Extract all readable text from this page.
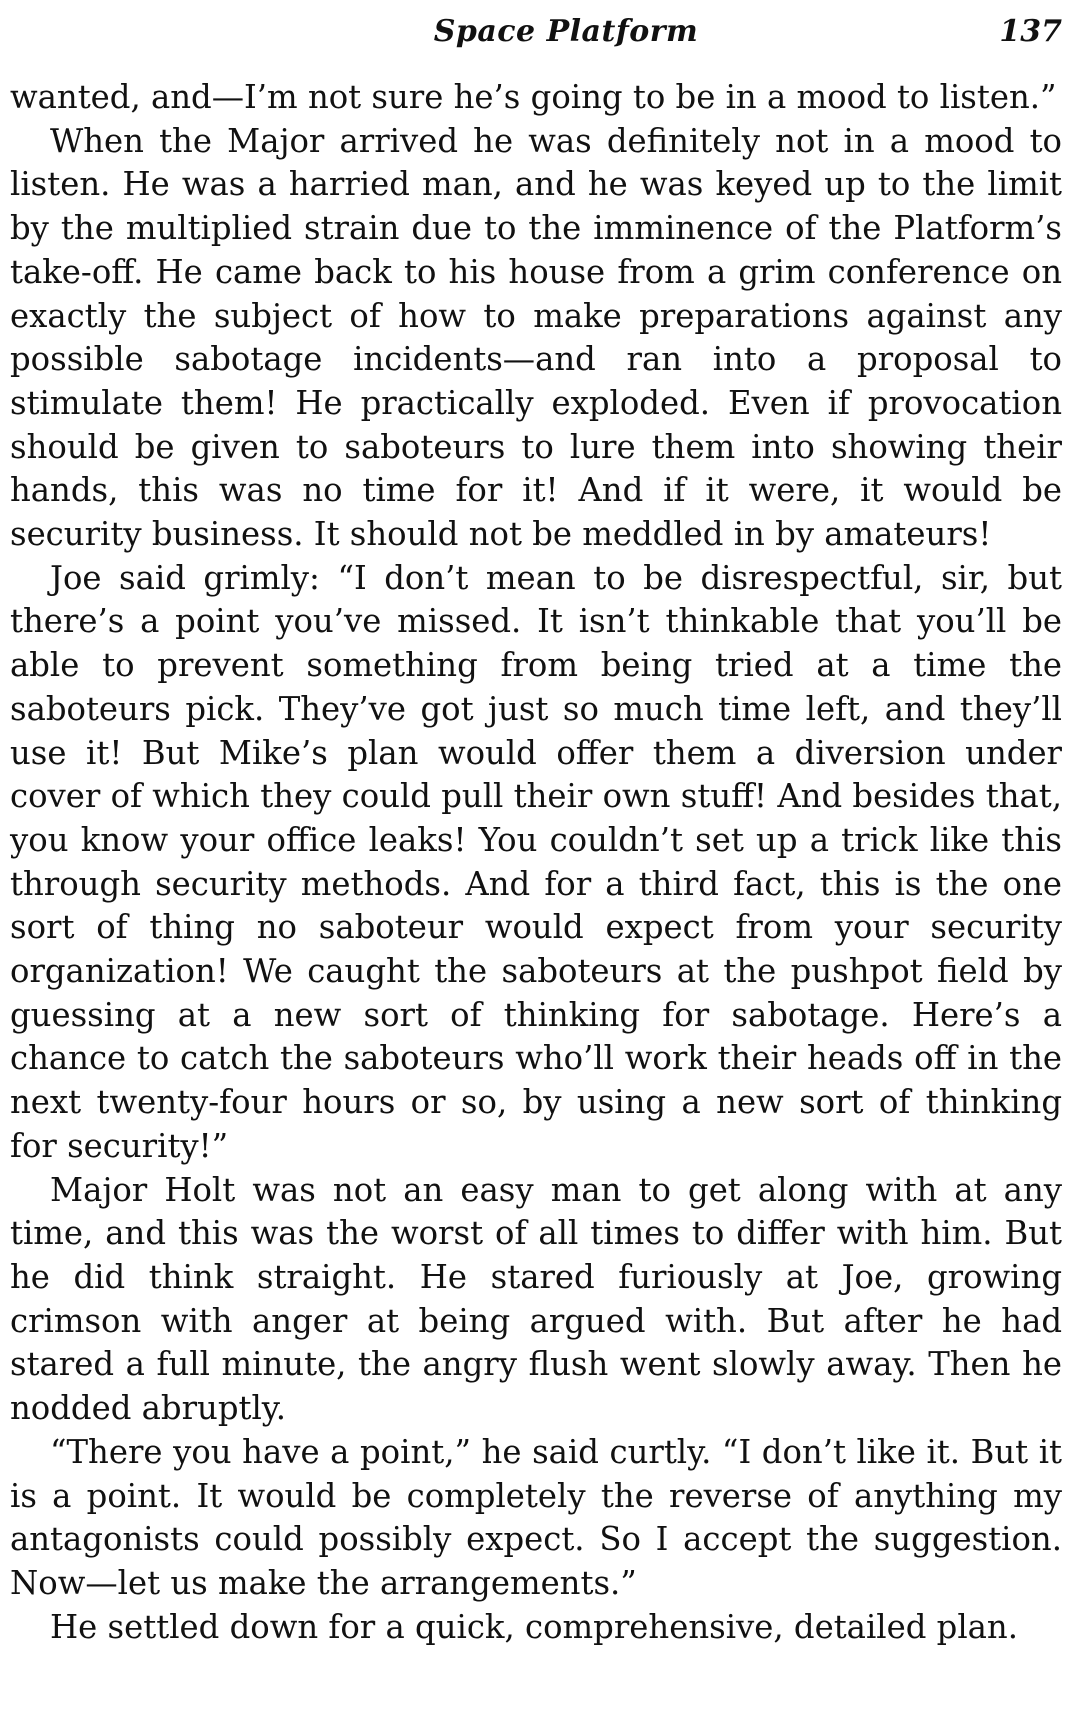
Space Platform	137

wanted, and—I’m not sure he’s going to be in a mood to listen.”

When the Major arrived he was definitely not in a mood to listen. He was a harried man, and he was keyed up to the limit by the multiplied strain due to the imminence of the Platform’s take-off. He came back to his house from a grim conference on exactly the subject of how to make preparations against any possible sabotage incidents—and ran into a proposal to stimulate them! He practically exploded. Even if provocation should be given to saboteurs to lure them into showing their hands, this was no time for it! And if it were, it would be security business. It should not be meddled in by amateurs!

Joe said grimly: “I don’t mean to be disrespectful, sir, but there’s a point you’ve missed. It isn’t thinkable that you’ll be able to prevent something from being tried at a time the saboteurs pick. They’ve got just so much time left, and they’ll use it! But Mike’s plan would offer them a diversion under cover of which they could pull their own stuff! And besides that, you know your office leaks! You couldn’t set up a trick like this through security methods. And for a third fact, this is the one sort of thing no saboteur would expect from your security organization! We caught the saboteurs at the pushpot field by guessing at a new sort of thinking for sabotage. Here’s a chance to catch the saboteurs who’ll work their heads off in the next twenty-four hours or so, by using a new sort of thinking for security!”

Major Holt was not an easy man to get along with at any time, and this was the worst of all times to differ with him. But he did think straight. He stared furiously at Joe, growing crimson with anger at being argued with. But after he had stared a full minute, the angry flush went slowly away. Then he nodded abruptly.

“There you have a point,” he said curtly. “I don’t like it. But it is a point. It would be completely the reverse of anything my antagonists could possibly expect. So I accept the suggestion. Now—let us make the arrangements.”

He settled down for a quick, comprehensive, detailed plan.
